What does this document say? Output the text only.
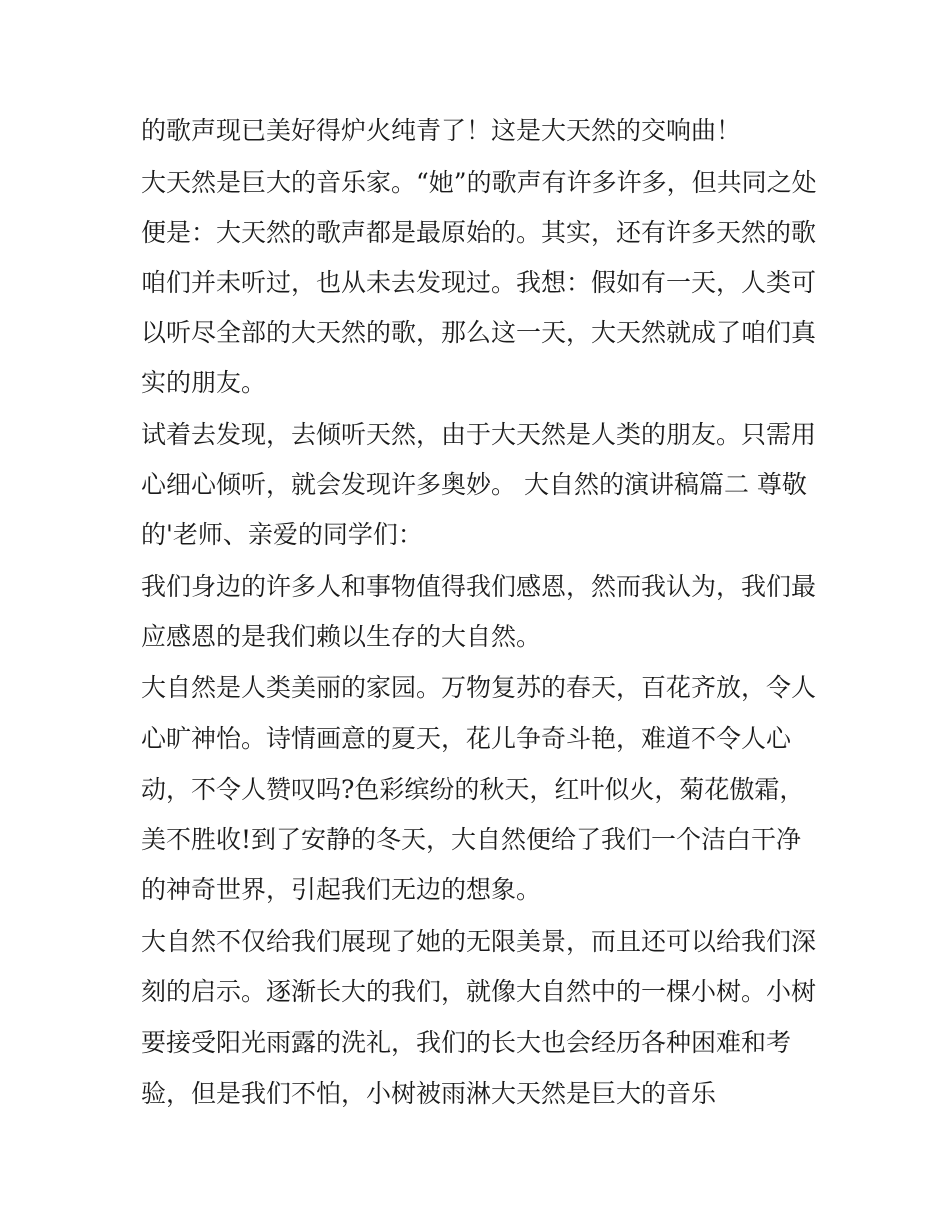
的歌声现已美好得炉火纯青了！这是大天然的交响曲！
大天然是巨大的音乐家。“她”的歌声有许多许多，但共同之处
便是：大天然的歌声都是最原始的。其实，还有许多天然的歌
咱们并未听过，也从未去发现过。我想：假如有一天，人类可
以听尽全部的大天然的歌，那么这一天，大天然就成了咱们真
实的朋友。
试着去发现，去倾听天然，由于大天然是人类的朋友。只需用
心细心倾听，就会发现许多奥妙。 大自然的演讲稿篇二 尊敬
的'老师、亲爱的同学们：
我们身边的许多人和事物值得我们感恩，然而我认为，我们最
应感恩的是我们赖以生存的大自然。
大自然是人类美丽的家园。万物复苏的春天，百花齐放，令人
心旷神怡。诗情画意的夏天，花儿争奇斗艳，难道不令人心
动，不令人赞叹吗?色彩缤纷的秋天，红叶似火，菊花傲霜，
美不胜收!到了安静的冬天，大自然便给了我们一个洁白干净
的神奇世界，引起我们无边的想象。
大自然不仅给我们展现了她的无限美景，而且还可以给我们深
刻的启示。逐渐长大的我们，就像大自然中的一棵小树。小树
要接受阳光雨露的洗礼，我们的长大也会经历各种困难和考
验，但是我们不怕，小树被雨淋大天然是巨大的音乐
